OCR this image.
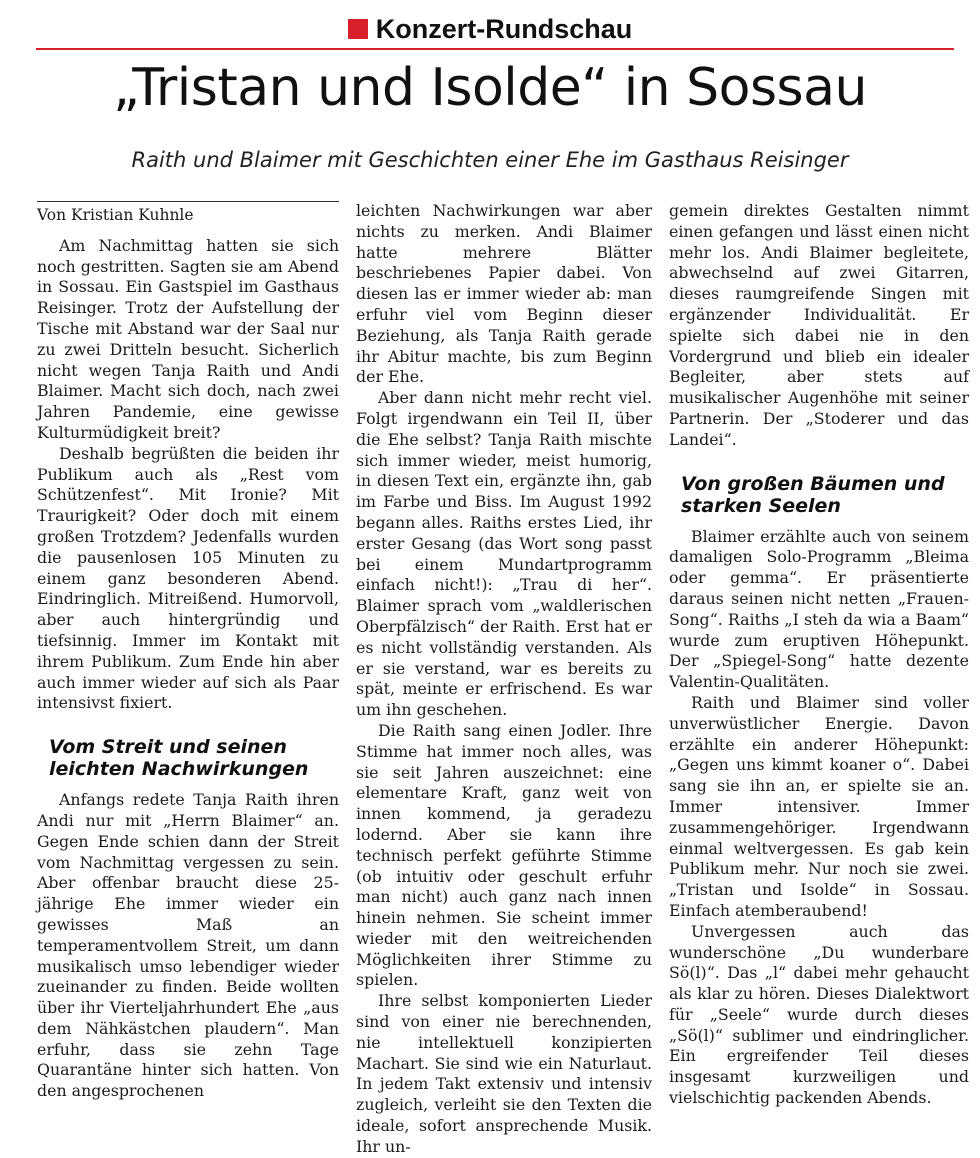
Konzert-Rundschau
„Tristan und Isolde“ in Sossau
Raith und Blaimer mit Geschichten einer Ehe im Gasthaus Reisinger
Von Kristian Kuhnle

Am Nachmittag hatten sie sich noch gestritten. Sagten sie am Abend in Sossau. Ein Gastspiel im Gasthaus Reisinger. Trotz der Aufstellung der Tische mit Abstand war der Saal nur zu zwei Dritteln besucht. Sicherlich nicht wegen Tanja Raith und Andi Blaimer. Macht sich doch, nach zwei Jahren Pandemie, eine gewisse Kulturmüdigkeit breit?

Deshalb begrüßten die beiden ihr Publikum auch als „Rest vom Schützenfest“. Mit Ironie? Mit Traurigkeit? Oder doch mit einem großen Trotzdem? Jedenfalls wurden die pausenlosen 105 Minuten zu einem ganz besonderen Abend. Eindringlich. Mitreißend. Humorvoll, aber auch hintergründig und tiefsinnig. Immer im Kontakt mit ihrem Publikum. Zum Ende hin aber auch immer wieder auf sich als Paar intensivst fixiert.

Vom Streit und seinen leichten Nachwirkungen

Anfangs redete Tanja Raith ihren Andi nur mit „Herrn Blaimer“ an. Gegen Ende schien dann der Streit vom Nachmittag vergessen zu sein. Aber offenbar braucht diese 25-jährige Ehe immer wieder ein gewisses Maß an temperamentvollem Streit, um dann musikalisch umso lebendiger wieder zueinander zu finden. Beide wollten über ihr Vierteljahrhundert Ehe „aus dem Nähkästchen plaudern“. Man erfuhr, dass sie zehn Tage Quarantäne hinter sich hatten. Von den angesprochenen

leichten Nachwirkungen war aber nichts zu merken. Andi Blaimer hatte mehrere Blätter beschriebenes Papier dabei. Von diesen las er immer wieder ab: man erfuhr viel vom Beginn dieser Beziehung, als Tanja Raith gerade ihr Abitur machte, bis zum Beginn der Ehe.

Aber dann nicht mehr recht viel. Folgt irgendwann ein Teil II, über die Ehe selbst? Tanja Raith mischte sich immer wieder, meist humorig, in diesen Text ein, ergänzte ihn, gab im Farbe und Biss. Im August 1992 begann alles. Raiths erstes Lied, ihr erster Gesang (das Wort song passt bei einem Mundartprogramm einfach nicht!): „Trau di her“. Blaimer sprach vom „waldlerischen Oberpfälzisch“ der Raith. Erst hat er es nicht vollständig verstanden. Als er sie verstand, war es bereits zu spät, meinte er erfrischend. Es war um ihn geschehen.

Die Raith sang einen Jodler. Ihre Stimme hat immer noch alles, was sie seit Jahren auszeichnet: eine elementare Kraft, ganz weit von innen kommend, ja geradezu lodernd. Aber sie kann ihre technisch perfekt geführte Stimme (ob intuitiv oder geschult erfuhr man nicht) auch ganz nach innen hinein nehmen. Sie scheint immer wieder mit den weitreichenden Möglichkeiten ihrer Stimme zu spielen.

Ihre selbst komponierten Lieder sind von einer nie berechnenden, nie intellektuell konzipierten Machart. Sie sind wie ein Naturlaut. In jedem Takt extensiv und intensiv zugleich, verleiht sie den Texten die ideale, sofort ansprechende Musik. Ihr un-

gemein direktes Gestalten nimmt einen gefangen und lässt einen nicht mehr los. Andi Blaimer begleitete, abwechselnd auf zwei Gitarren, dieses raumgreifende Singen mit ergänzender Individualität. Er spielte sich dabei nie in den Vordergrund und blieb ein idealer Begleiter, aber stets auf musikalischer Augenhöhe mit seiner Partnerin. Der „Stoderer und das Landei“.

Von großen Bäumen und starken Seelen

Blaimer erzählte auch von seinem damaligen Solo-Programm „Bleima oder gemma“. Er präsentierte daraus seinen nicht netten „Frauen-Song“. Raiths „I steh da wia a Baam“ wurde zum eruptiven Höhepunkt. Der „Spiegel-Song“ hatte dezente Valentin-Qualitäten.

Raith und Blaimer sind voller unverwüstlicher Energie. Davon erzählte ein anderer Höhepunkt: „Gegen uns kimmt koaner o“. Dabei sang sie ihn an, er spielte sie an. Immer intensiver. Immer zusammengehöriger. Irgendwann einmal weltvergessen. Es gab kein Publikum mehr. Nur noch sie zwei. „Tristan und Isolde“ in Sossau. Einfach atemberaubend!

Unvergessen auch das wunderschöne „Du wunderbare Sö(l)“. Das „l“ dabei mehr gehaucht als klar zu hören. Dieses Dialektwort für „Seele“ wurde durch dieses „Sö(l)“ sublimer und eindringlicher. Ein ergreifender Teil dieses insgesamt kurzweiligen und vielschichtig packenden Abends.
